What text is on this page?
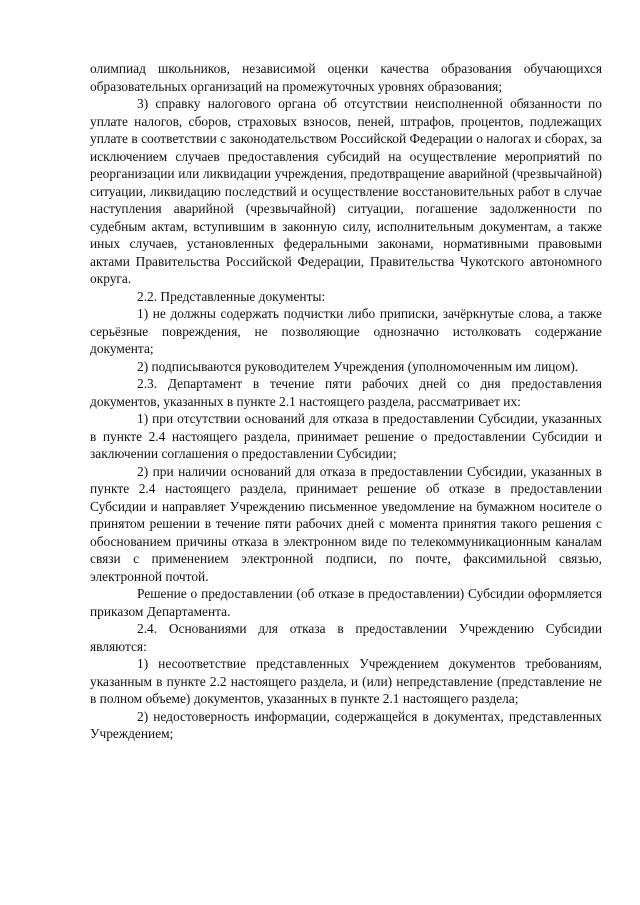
олимпиад школьников, независимой оценки качества образования обучающихся образовательных организаций на промежуточных уровнях образования;

3) справку налогового органа об отсутствии неисполненной обязанности по уплате налогов, сборов, страховых взносов, пеней, штрафов, процентов, подлежащих уплате в соответствии с законодательством Российской Федерации о налогах и сборах, за исключением случаев предоставления субсидий на осуществление мероприятий по реорганизации или ликвидации учреждения, предотвращение аварийной (чрезвычайной) ситуации, ликвидацию последствий и осуществление восстановительных работ в случае наступления аварийной (чрезвычайной) ситуации, погашение задолженности по судебным актам, вступившим в законную силу, исполнительным документам, а также иных случаев, установленных федеральными законами, нормативными правовыми актами Правительства Российской Федерации, Правительства Чукотского автономного округа.

2.2. Представленные документы:

1) не должны содержать подчистки либо приписки, зачёркнутые слова, а также серьёзные повреждения, не позволяющие однозначно истолковать содержание документа;

2) подписываются руководителем Учреждения (уполномоченным им лицом).

2.3. Департамент в течение пяти рабочих дней со дня предоставления документов, указанных в пункте 2.1 настоящего раздела, рассматривает их:

1) при отсутствии оснований для отказа в предоставлении Субсидии, указанных в пункте 2.4 настоящего раздела, принимает решение о предоставлении Субсидии и заключении соглашения о предоставлении Субсидии;

2) при наличии оснований для отказа в предоставлении Субсидии, указанных в пункте 2.4 настоящего раздела, принимает решение об отказе в предоставлении Субсидии и направляет Учреждению письменное уведомление на бумажном носителе о принятом решении в течение пяти рабочих дней с момента принятия такого решения с обоснованием причины отказа в электронном виде по телекоммуникационным каналам связи с применением электронной подписи, по почте, факсимильной связью, электронной почтой.

Решение о предоставлении (об отказе в предоставлении) Субсидии оформляется приказом Департамента.

2.4. Основаниями для отказа в предоставлении Учреждению Субсидии являются:

1) несоответствие представленных Учреждением документов требованиям, указанным в пункте 2.2 настоящего раздела, и (или) непредставление (представление не в полном объеме) документов, указанных в пункте 2.1 настоящего раздела;

2) недостоверность информации, содержащейся в документах, представленных Учреждением;
